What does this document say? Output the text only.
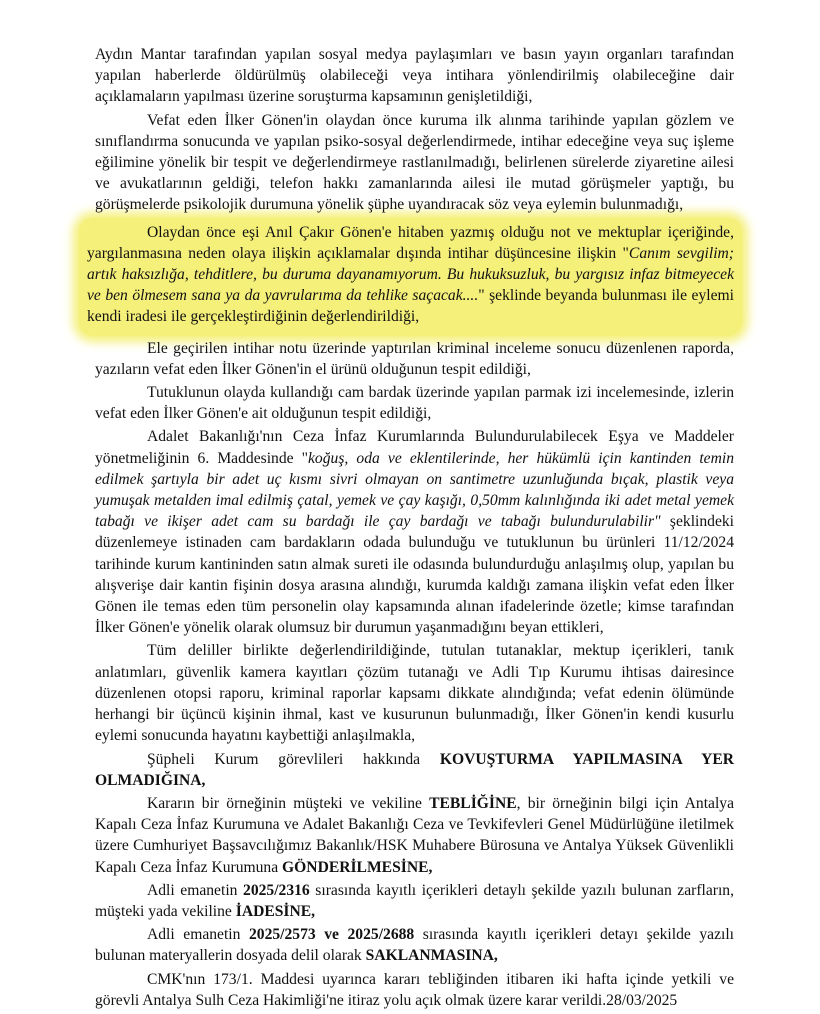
Aydın Mantar tarafından yapılan sosyal medya paylaşımları ve basın yayın organları tarafından yapılan haberlerde öldürülmüş olabileceği veya intihara yönlendirilmiş olabileceğine dair açıklamaların yapılması üzerine soruşturma kapsamının genişletildiği,

Vefat eden İlker Gönen'in olaydan önce kuruma ilk alınma tarihinde yapılan gözlem ve sınıflandırma sonucunda ve yapılan psiko-sosyal değerlendirmede, intihar edeceğine veya suç işleme eğilimine yönelik bir tespit ve değerlendirmeye rastlanılmadığı, belirlenen sürelerde ziyaretine ailesi ve avukatlarının geldiği, telefon hakkı zamanlarında ailesi ile mutad görüşmeler yaptığı, bu görüşmelerde psikolojik durumuna yönelik şüphe uyandıracak söz veya eylemin bulunmadığı,

Olaydan önce eşi Anıl Çakır Gönen'e hitaben yazmış olduğu not ve mektuplar içeriğinde, yargılanmasına neden olaya ilişkin açıklamalar dışında intihar düşüncesine ilişkin "Canım sevgilim; artık haksızlığa, tehditlere, bu duruma dayanamıyorum. Bu hukuksuzluk, bu yargısız infaz bitmeyecek ve ben ölmesem sana ya da yavrularıma da tehlike saçacak...." şeklinde beyanda bulunması ile eylemi kendi iradesi ile gerçekleştirdiğinin değerlendirildiği,

Ele geçirilen intihar notu üzerinde yaptırılan kriminal inceleme sonucu düzenlenen raporda, yazıların vefat eden İlker Gönen'in el ürünü olduğunun tespit edildiği,

Tutuklunun olayda kullandığı cam bardak üzerinde yapılan parmak izi incelemesinde, izlerin vefat eden İlker Gönen'e ait olduğunun tespit edildiği,

Adalet Bakanlığı'nın Ceza İnfaz Kurumlarında Bulundurulabilecek Eşya ve Maddeler yönetmeliğinin 6. Maddesinde "koğuş, oda ve eklentilerinde, her hükümlü için kantinden temin edilmek şartıyla bir adet uç kısmı sivri olmayan on santimetre uzunluğunda bıçak, plastik veya yumuşak metalden imal edilmiş çatal, yemek ve çay kaşığı, 0,50mm kalınlığında iki adet metal yemek tabağı ve ikişer adet cam su bardağı ile çay bardağı ve tabağı bulundurulabilir" şeklindeki düzenlemeye istinaden cam bardakların odada bulunduğu ve tutuklunun bu ürünleri 11/12/2024 tarihinde kurum kantininden satın almak sureti ile odasında bulundurduğu anlaşılmış olup, yapılan bu alışverişe dair kantin fişinin dosya arasına alındığı, kurumda kaldığı zamana ilişkin vefat eden İlker Gönen ile temas eden tüm personelin olay kapsamında alınan ifadelerinde özetle; kimse tarafından İlker Gönen'e yönelik olarak olumsuz bir durumun yaşanmadığını beyan ettikleri,

Tüm deliller birlikte değerlendirildiğinde, tutulan tutanaklar, mektup içerikleri, tanık anlatımları, güvenlik kamera kayıtları çözüm tutanağı ve Adli Tıp Kurumu ihtisas dairesince düzenlenen otopsi raporu, kriminal raporlar kapsamı dikkate alındığında; vefat edenin ölümünde herhangi bir üçüncü kişinin ihmal, kast ve kusurunun bulunmadığı, İlker Gönen'in kendi kusurlu eylemi sonucunda hayatını kaybettiği anlaşılmakla,

Şüpheli Kurum görevlileri hakkında KOVUŞTURMA YAPILMASINA YER OLMADIĞINA,

Kararın bir örneğinin müşteki ve vekiline TEBLİĞİNE, bir örneğinin bilgi için Antalya Kapalı Ceza İnfaz Kurumuna ve Adalet Bakanlığı Ceza ve Tevkifevleri Genel Müdürlüğüne iletilmek üzere Cumhuriyet Başsavcılığımız Bakanlık/HSK Muhabere Bürosuna ve Antalya Yüksek Güvenlikli Kapalı Ceza İnfaz Kurumuna GÖNDERİLMESİNE,

Adli emanetin 2025/2316 sırasında kayıtlı içerikleri detaylı şekilde yazılı bulunan zarfların, müşteki yada vekiline İADESİNE,

Adli emanetin 2025/2573 ve 2025/2688 sırasında kayıtlı içerikleri detayı şekilde yazılı bulunan materyallerin dosyada delil olarak SAKLANMASINA,

CMK'nın 173/1. Maddesi uyarınca kararı tebliğinden itibaren iki hafta içinde yetkili ve görevli Antalya Sulh Ceza Hakimliği'ne itiraz yolu açık olmak üzere karar verildi.28/03/2025
